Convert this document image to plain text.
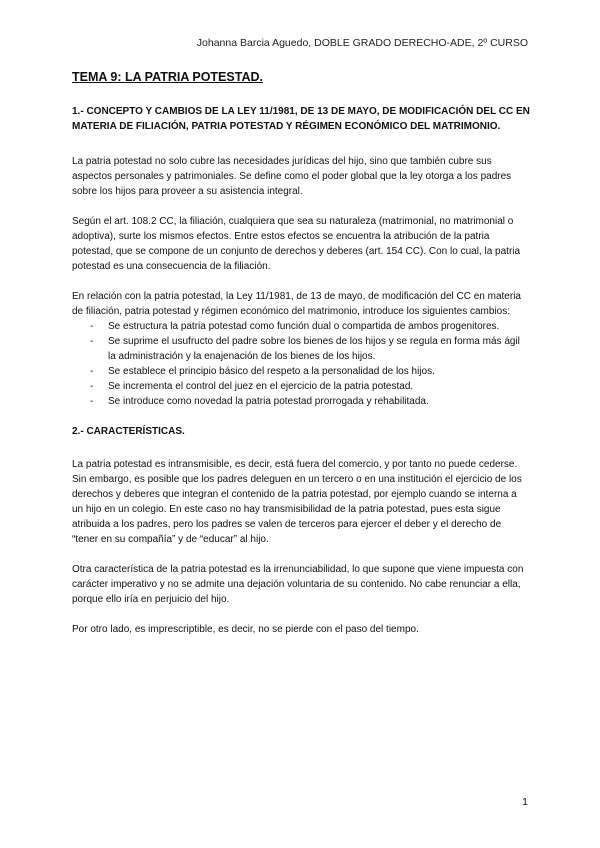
Johanna Barcia Aguedo, DOBLE GRADO DERECHO-ADE, 2º CURSO
TEMA 9: LA PATRIA POTESTAD.
1.- CONCEPTO Y CAMBIOS DE LA LEY 11/1981, DE 13 DE MAYO, DE MODIFICACIÓN DEL CC EN MATERIA DE FILIACIÓN, PATRIA POTESTAD Y RÉGIMEN ECONÓMICO DEL MATRIMONIO.

La patria potestad no solo cubre las necesidades jurídicas del hijo, sino que también cubre sus aspectos personales y patrimoniales. Se define como el poder global que la ley otorga a los padres sobre los hijos para proveer a su asistencia integral.

Según el art. 108.2 CC, la filiación, cualquiera que sea su naturaleza (matrimonial, no matrimonial o adoptiva), surte los mismos efectos. Entre estos efectos se encuentra la atribución de la patria potestad, que se compone de un conjunto de derechos y deberes (art. 154 CC). Con lo cual, la patria potestad es una consecuencia de la filiación.

En relación con la patria potestad, la Ley 11/1981, de 13 de mayo, de modificación del CC en materia de filiación, patria potestad y régimen económico del matrimonio, introduce los siguientes cambios:

- Se estructura la patria potestad como función dual o compartida de ambos progenitores.
- Se suprime el usufructo del padre sobre los bienes de los hijos y se regula en forma más ágil la administración y la enajenación de los bienes de los hijos.
- Se establece el principio básico del respeto a la personalidad de los hijos.
- Se incrementa el control del juez en el ejercicio de la patria potestad.
- Se introduce como novedad la patria potestad prorrogada y rehabilitada.
2.- CARACTERÍSTICAS.

La patria potestad es intransmisible, es decir, está fuera del comercio, y por tanto no puede cederse. Sin embargo, es posible que los padres deleguen en un tercero o en una institución el ejercicio de los derechos y deberes que integran el contenido de la patria potestad, por ejemplo cuando se interna a un hijo en un colegio. En este caso no hay transmisibilidad de la patria potestad, pues esta sigue atribuida a los padres, pero los padres se valen de terceros para ejercer el deber y el derecho de “tener en su compañía” y de “educar” al hijo.

Otra característica de la patria potestad es la irrenunciabilidad, lo que supone que viene impuesta con carácter imperativo y no se admite una dejación voluntaria de su contenido. No cabe renunciar a ella, porque ello iría en perjuicio del hijo.

Por otro lado, es imprescriptible, es decir, no se pierde con el paso del tiempo.

1
